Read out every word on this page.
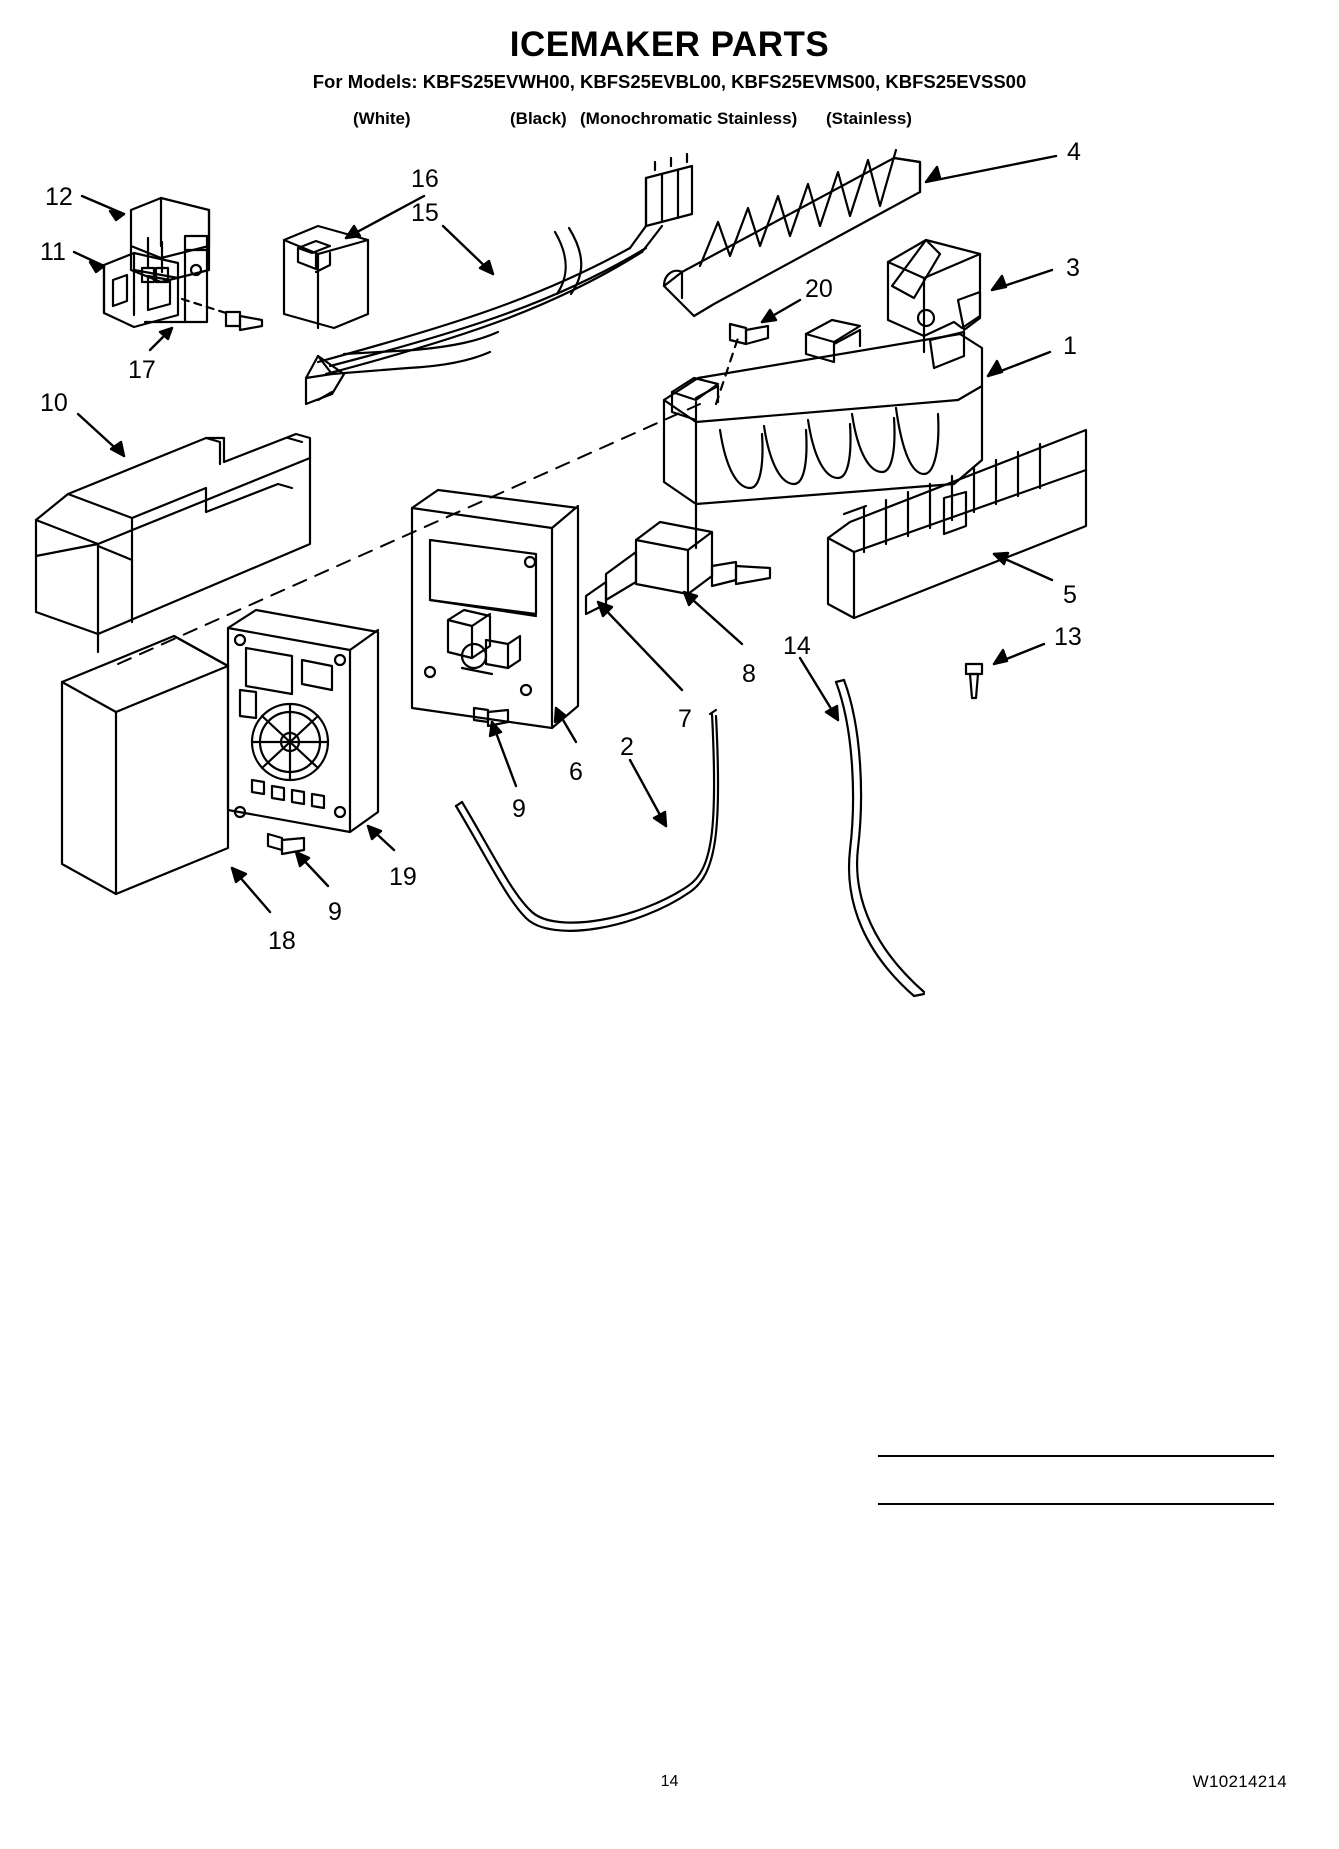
ICEMAKER PARTS
For Models: KBFS25EVWH00, KBFS25EVBL00, KBFS25EVMS00, KBFS25EVSS00
(White)	(Black) (Monochromatic Stainless) (Stainless)
12
11
17
16
15
10
4
3
1
20
5
13
14
8
7
6
2
9
19
9
18
14	W10214214
